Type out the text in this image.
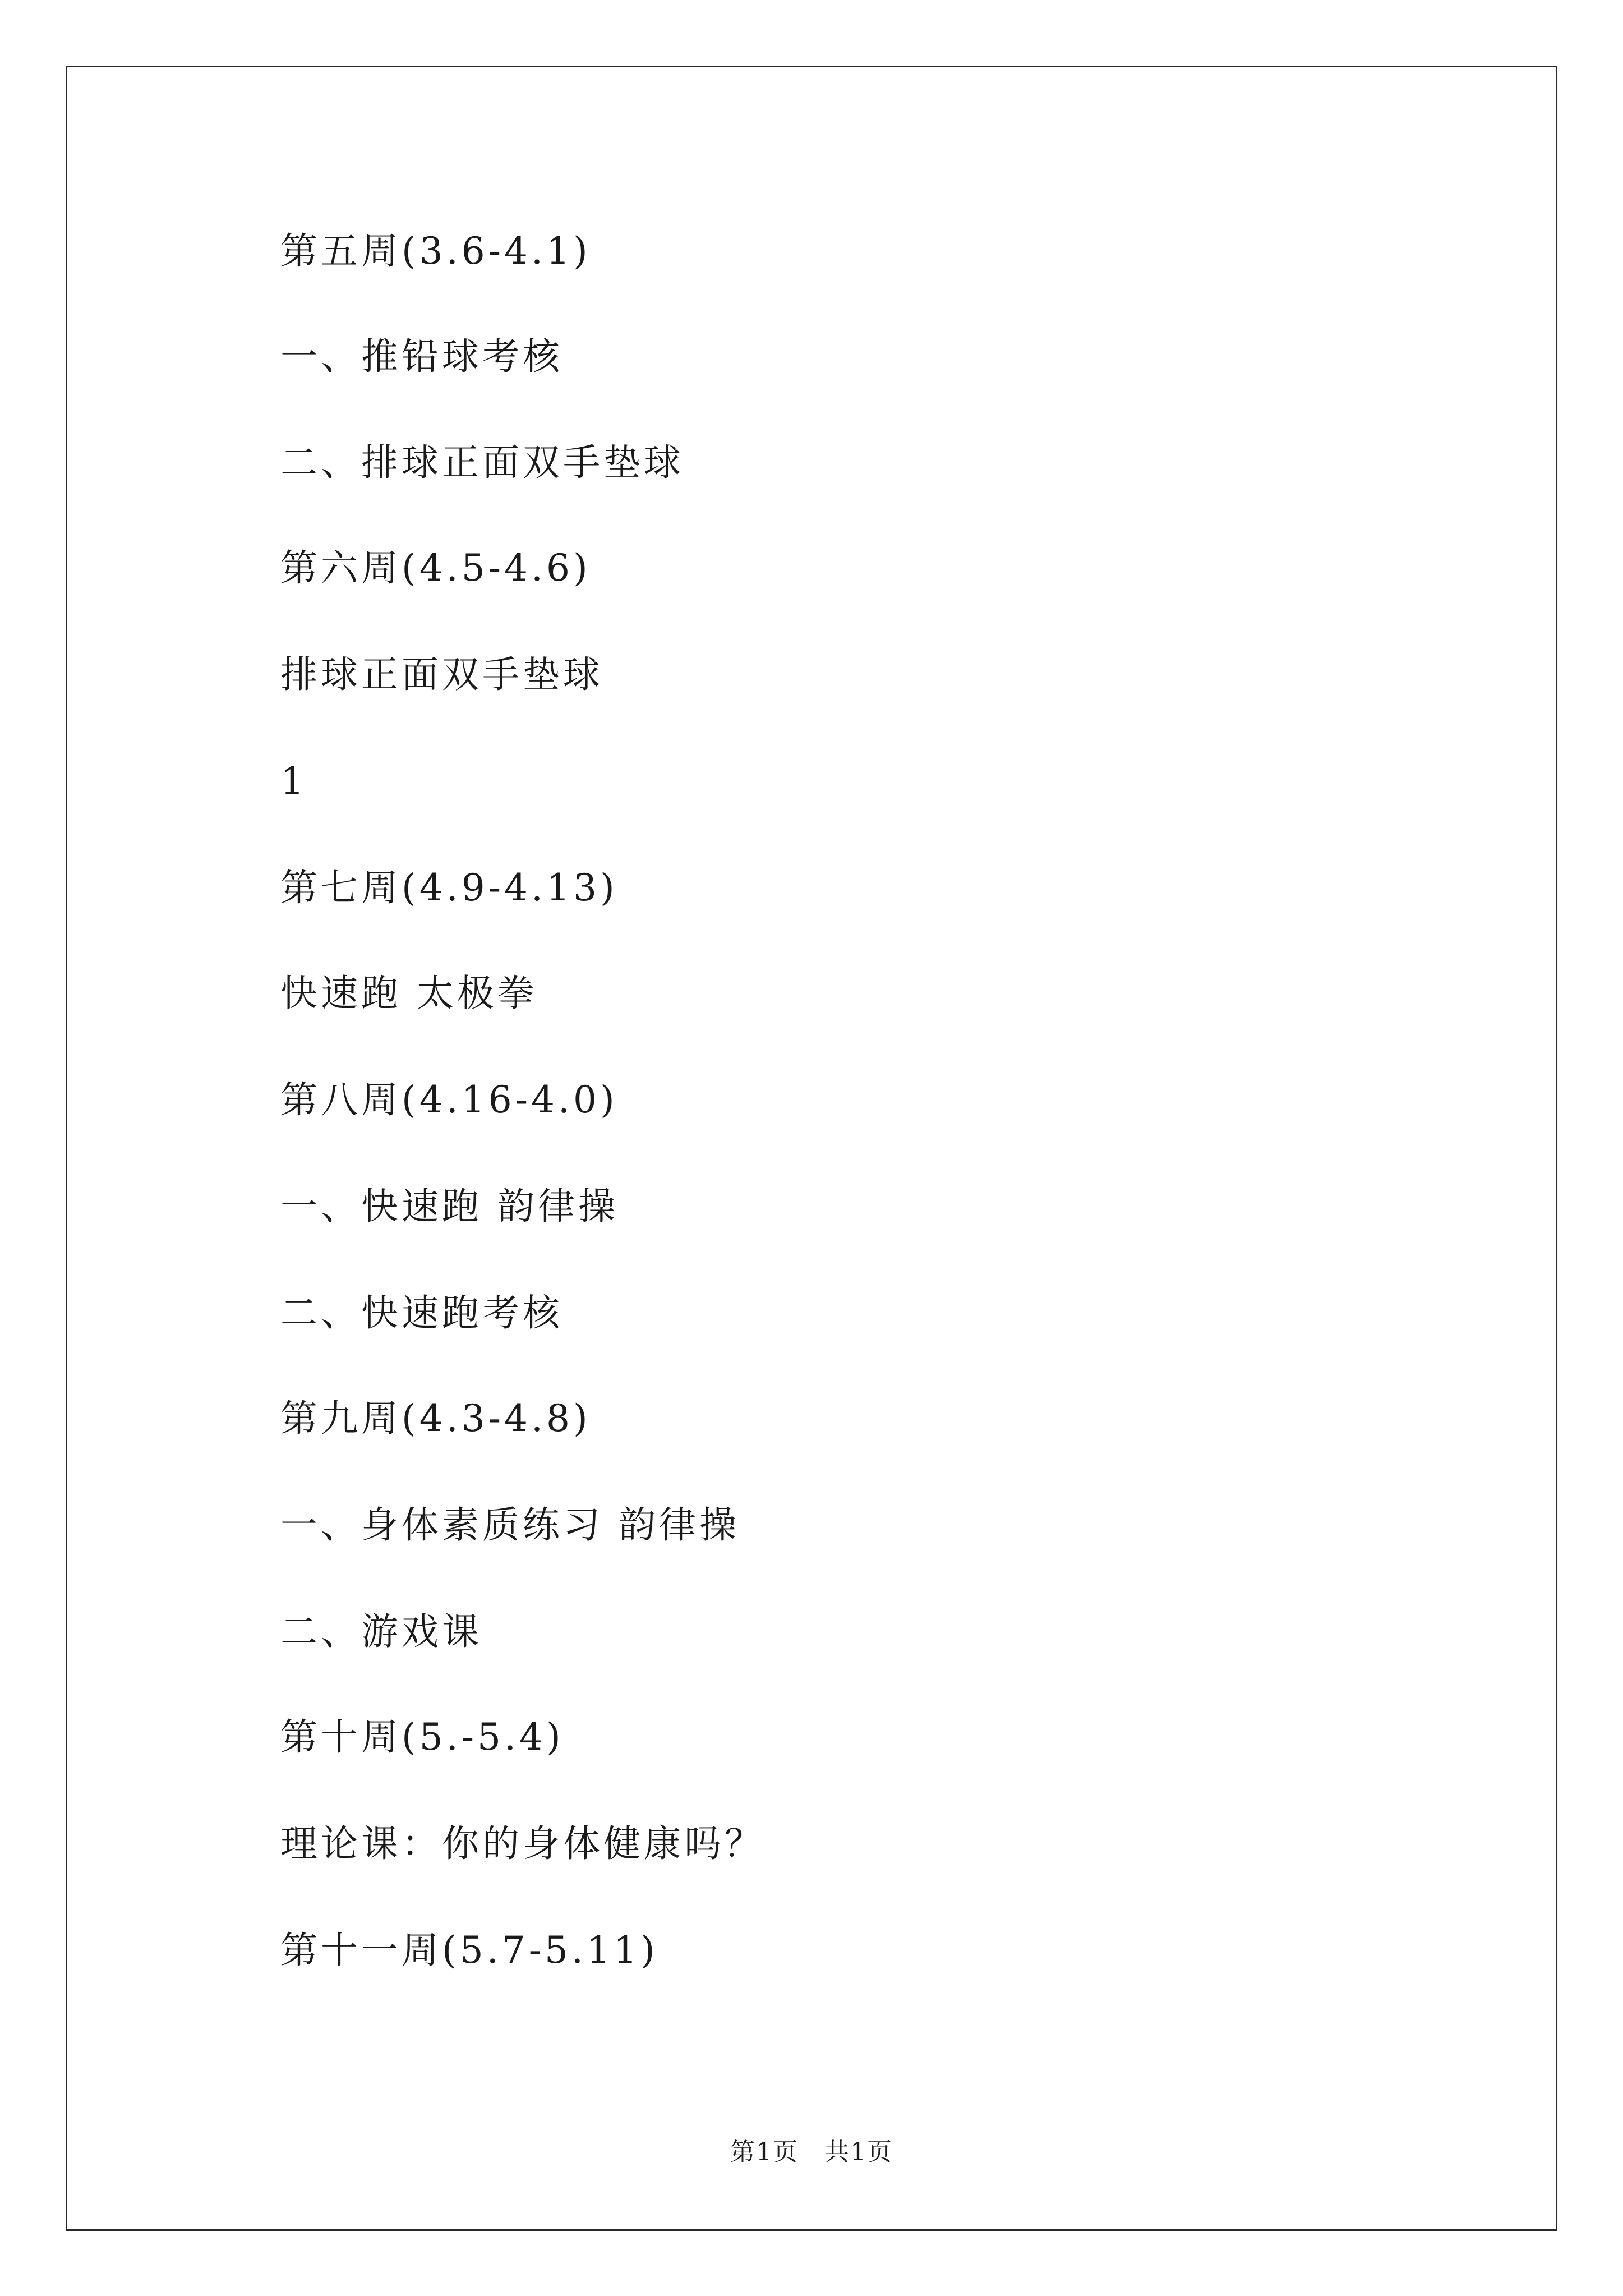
第五周(3.6-4.1)
一、推铅球考核
二、排球正面双手垫球
第六周(4.5-4.6)
排球正面双手垫球
1
第七周(4.9-4.13)
快速跑 太极拳
第八周(4.16-4.0)
一、快速跑 韵律操
二、快速跑考核
第九周(4.3-4.8)
一、身体素质练习 韵律操
二、游戏课
第十周(5.-5.4)
理论课：你的身体健康吗？
第十一周(5.7-5.11)
第1页　共1页
